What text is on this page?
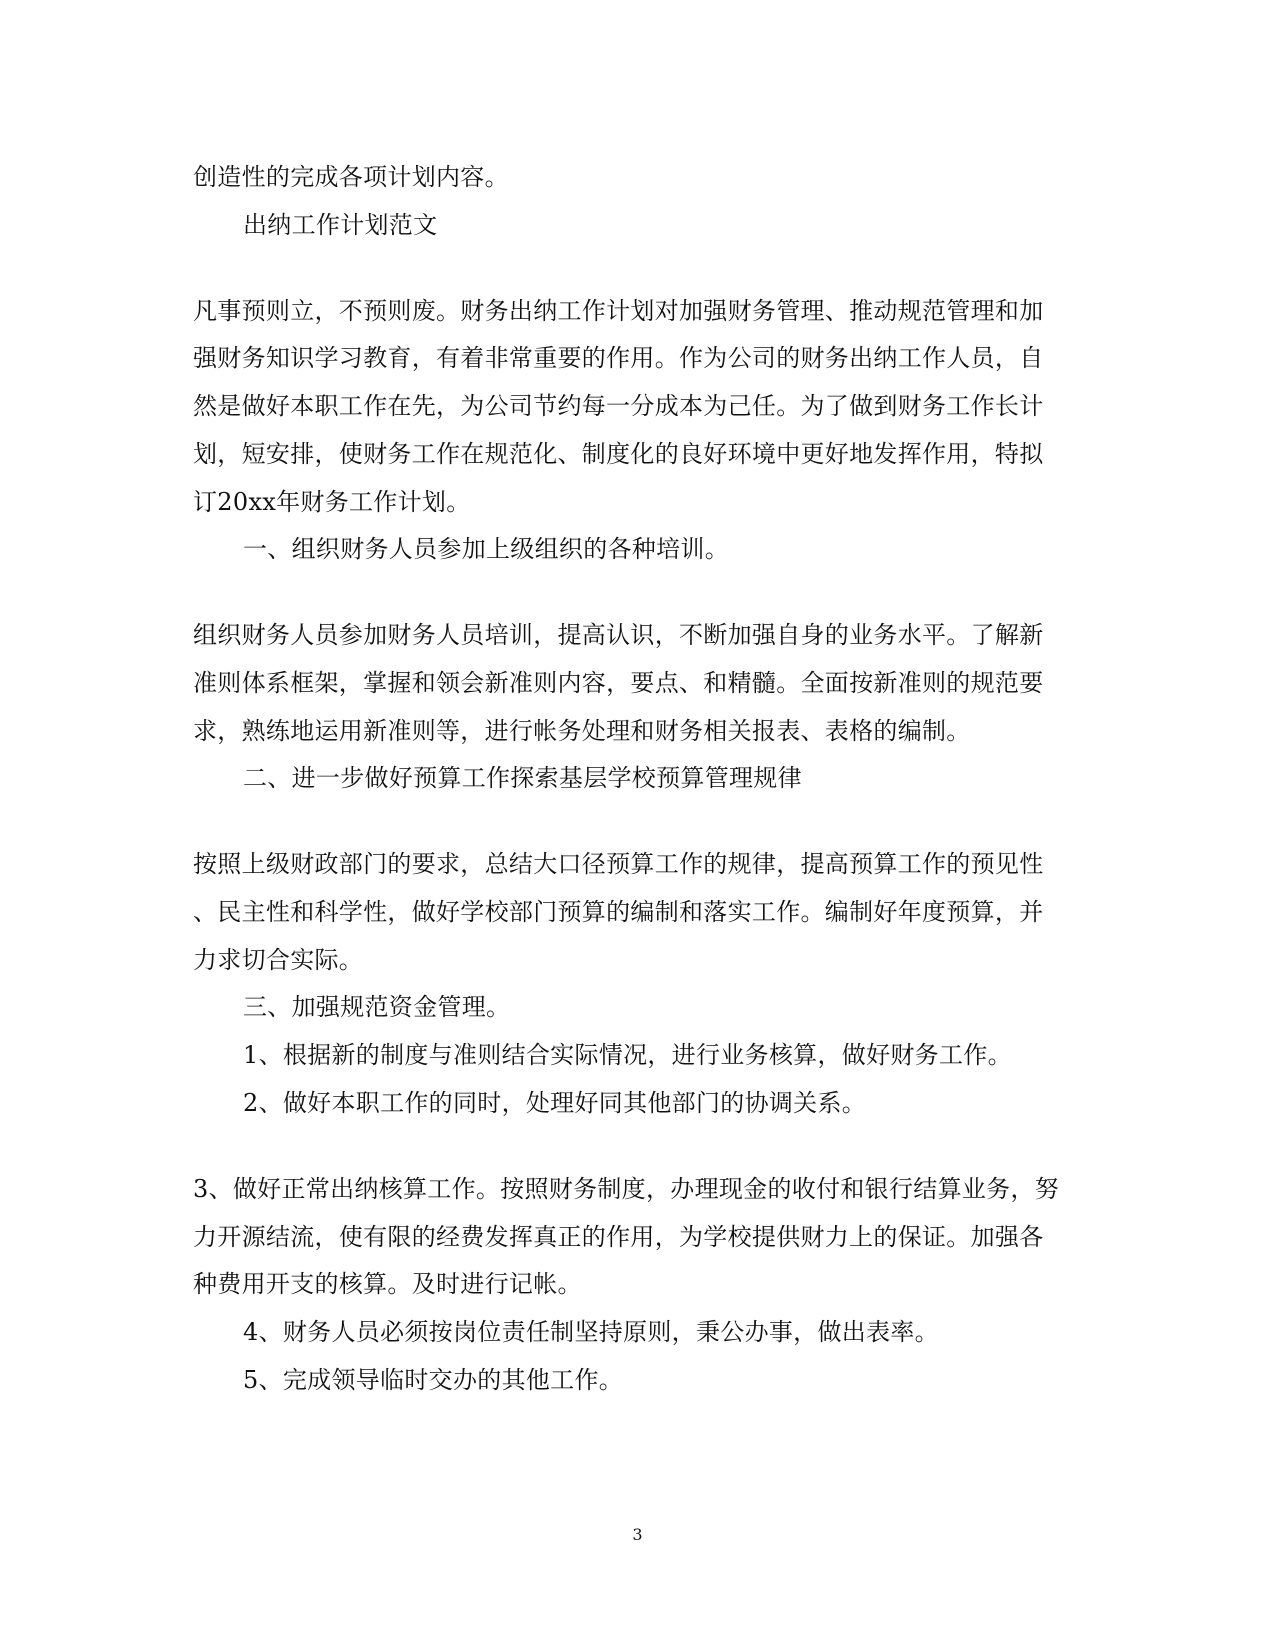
创造性的完成各项计划内容。
出纳工作计划范文
凡事预则立，不预则废。财务出纳工作计划对加强财务管理、推动规范管理和加
强财务知识学习教育，有着非常重要的作用。作为公司的财务出纳工作人员，自
然是做好本职工作在先，为公司节约每一分成本为己任。为了做到财务工作长计
划，短安排，使财务工作在规范化、制度化的良好环境中更好地发挥作用，特拟
订20xx年财务工作计划。
一、组织财务人员参加上级组织的各种培训。
组织财务人员参加财务人员培训，提高认识，不断加强自身的业务水平。了解新
准则体系框架，掌握和领会新准则内容，要点、和精髓。全面按新准则的规范要
求，熟练地运用新准则等，进行帐务处理和财务相关报表、表格的编制。
二、进一步做好预算工作探索基层学校预算管理规律
按照上级财政部门的要求，总结大口径预算工作的规律，提高预算工作的预见性
、民主性和科学性，做好学校部门预算的编制和落实工作。编制好年度预算，并
力求切合实际。
三、加强规范资金管理。
1、根据新的制度与准则结合实际情况，进行业务核算，做好财务工作。
2、做好本职工作的同时，处理好同其他部门的协调关系。
3、做好正常出纳核算工作。按照财务制度，办理现金的收付和银行结算业务，努
力开源结流，使有限的经费发挥真正的作用，为学校提供财力上的保证。加强各
种费用开支的核算。及时进行记帐。
4、财务人员必须按岗位责任制坚持原则，秉公办事，做出表率。
5、完成领导临时交办的其他工作。
3
